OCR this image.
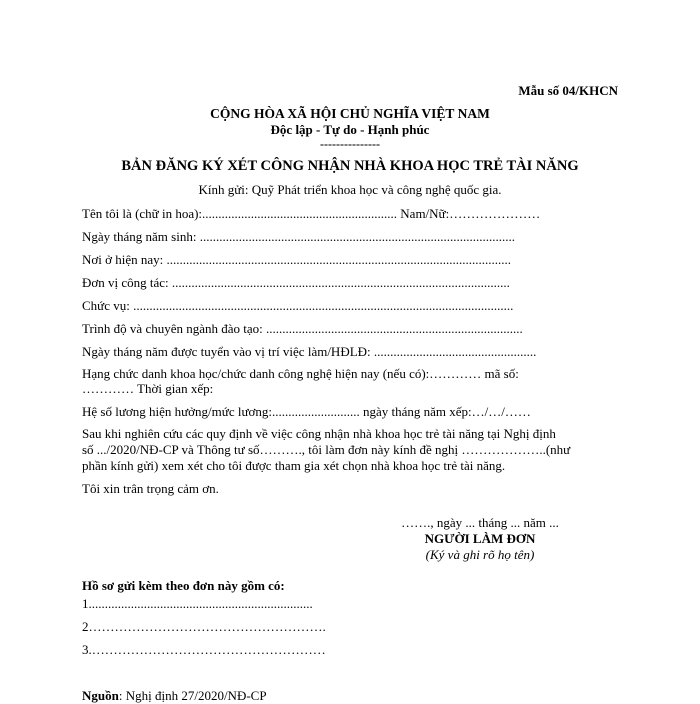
Mẫu số 04/KHCN
CỘNG HÒA XÃ HỘI CHỦ NGHĨA VIỆT NAM
Độc lập - Tự do - Hạnh phúc
---------------
BẢN ĐĂNG KÝ XÉT CÔNG NHẬN NHÀ KHOA HỌC TRẺ TÀI NĂNG
Kính gửi: Quỹ Phát triển khoa học và công nghệ quốc gia.
Tên tôi là (chữ in hoa):............................................................ Nam/Nữ:…………………
Ngày tháng năm sinh: .................................................................................................
Nơi ở hiện nay: ..........................................................................................................
Đơn vị công tác: ........................................................................................................
Chức vụ: .....................................................................................................................
Trình độ và chuyên ngành đào tạo: ...............................................................................
Ngày tháng năm được tuyển vào vị trí việc làm/HĐLĐ: ..................................................
Hạng chức danh khoa học/chức danh công nghệ hiện nay (nếu có):………… mã số:
………… Thời gian xếp:
Hệ số lương hiện hưởng/mức lương:........................... ngày tháng năm xếp:…/…/……
Sau khi nghiên cứu các quy định về việc công nhận nhà khoa học trẻ tài năng tại Nghị định
số .../2020/NĐ-CP và Thông tư số………., tôi làm đơn này kính đề nghị ………………..(như
phần kính gửi) xem xét cho tôi được tham gia xét chọn nhà khoa học trẻ tài năng.
Tôi xin trân trọng cảm ơn.
……., ngày ... tháng ... năm ...
NGƯỜI LÀM ĐƠN
(Ký và ghi rõ họ tên)
Hồ sơ gửi kèm theo đơn này gồm có:
1.....................................................................
2……………………………………………….
3.………………………………………………
Nguồn: Nghị định 27/2020/NĐ-CP
